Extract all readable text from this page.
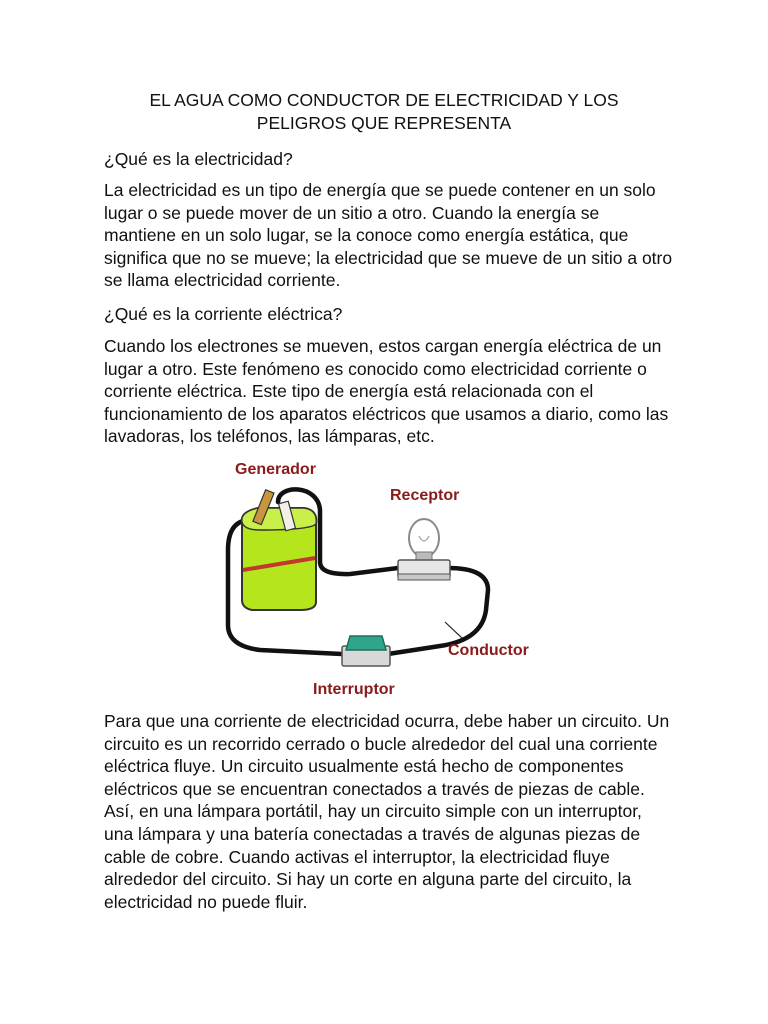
EL AGUA COMO CONDUCTOR DE ELECTRICIDAD Y LOS
PELIGROS QUE REPRESENTA

¿Qué es la electricidad?

La electricidad es un tipo de energía que se puede contener en un solo lugar o se puede mover de un sitio a otro. Cuando la energía se mantiene en un solo lugar, se la conoce como energía estática, que significa que no se mueve; la electricidad que se mueve de un sitio a otro se llama electricidad corriente.

¿Qué es la corriente eléctrica?

Cuando los electrones se mueven, estos cargan energía eléctrica de un lugar a otro. Este fenómeno es conocido como electricidad corriente o corriente eléctrica. Este tipo de energía está relacionada con el funcionamiento de los aparatos eléctricos que usamos a diario, como las lavadoras, los teléfonos, las lámparas, etc.

Generador
Receptor
Conductor
Interruptor

Para que una corriente de electricidad ocurra, debe haber un circuito. Un circuito es un recorrido cerrado o bucle alrededor del cual una corriente eléctrica fluye. Un circuito usualmente está hecho de componentes eléctricos que se encuentran conectados a través de piezas de cable. Así, en una lámpara portátil, hay un circuito simple con un interruptor, una lámpara y una batería conectadas a través de algunas piezas de cable de cobre. Cuando activas el interruptor, la electricidad fluye alrededor del circuito. Si hay un corte en alguna parte del circuito, la electricidad no puede fluir.
